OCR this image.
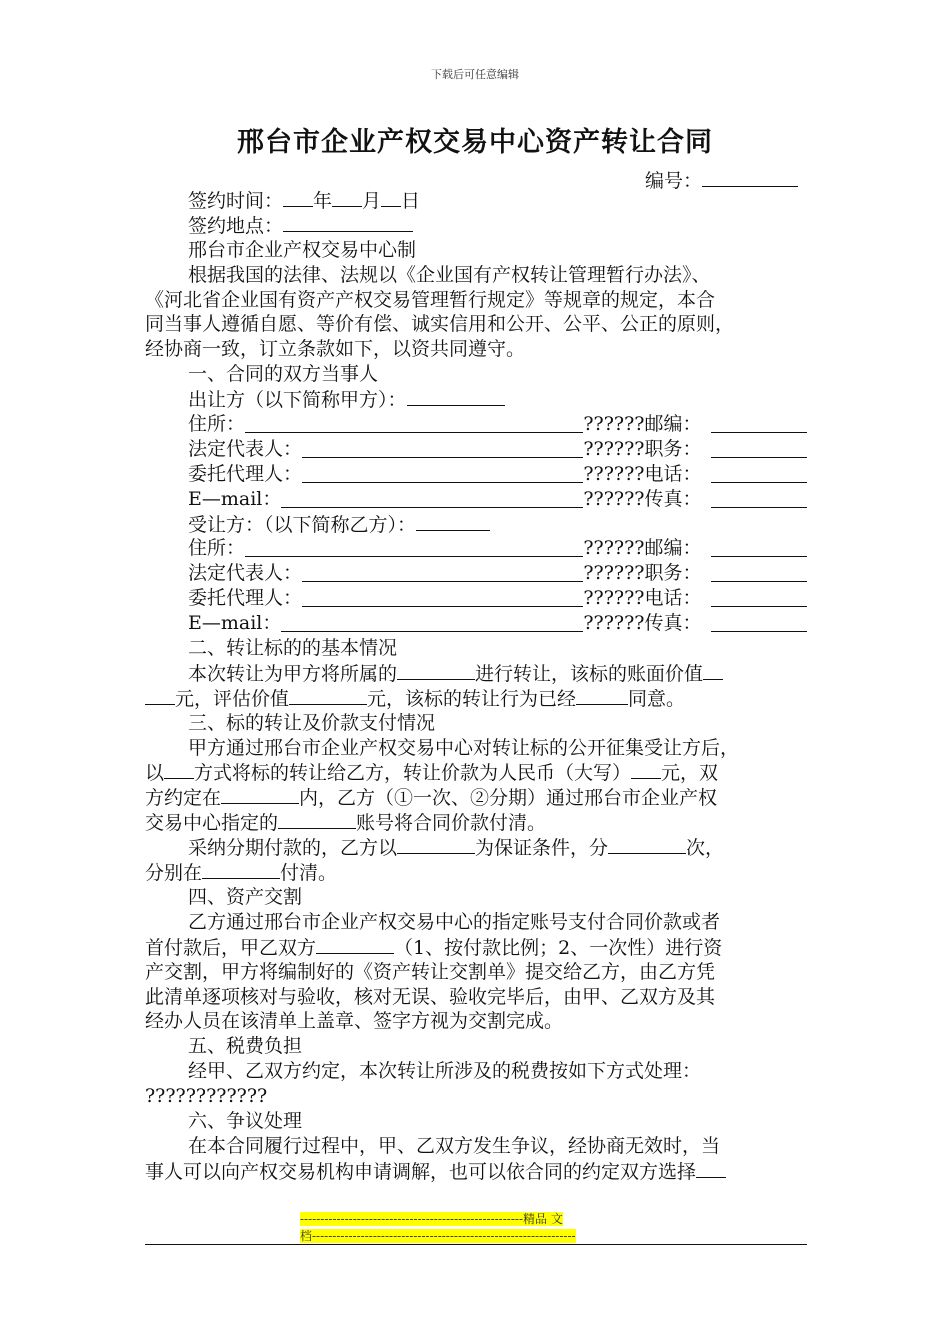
下载后可任意编辑
邢台市企业产权交易中心资产转让合同
编号：
签约时间： 年 月 日
签约地点：
邢台市企业产权交易中心制
根据我国的法律、法规以《企业国有产权转让管理暂行办法》、
《河北省企业国有资产产权交易管理暂行规定》等规章的规定，本合
同当事人遵循自愿、等价有偿、诚实信用和公开、公平、公正的原则，
经协商一致，订立条款如下，以资共同遵守。
一、合同的双方当事人
出让方（以下简称甲方）：
住所：	??????邮编：
法定代表人：	??????职务：
委托代理人：	??????电话：
E—mail：	??????传真：
受让方：（以下简称乙方）：
住所：	??????邮编：
法定代表人：	??????职务：
委托代理人：	??????电话：
E—mail：	??????传真：
二、转让标的的基本情况
本次转让为甲方将所属的	进行转让，该标的账面价值
元，评估价值	元，该标的转让行为已经	同意。
三、标的转让及价款支付情况
甲方通过邢台市企业产权交易中心对转让标的公开征集受让方后，
以 方式将标的转让给乙方，转让价款为人民币（大写） 元，双
方约定在	内，乙方（①一次、②分期）通过邢台市企业产权
交易中心指定的	账号将合同价款付清。
采纳分期付款的，乙方以	为保证条件，分	次，
分别在	付清。
四、资产交割
乙方通过邢台市企业产权交易中心的指定账号支付合同价款或者
首付款后，甲乙双方	（1、按付款比例；2、一次性）进行资
产交割，甲方将编制好的《资产转让交割单》提交给乙方，由乙方凭
此清单逐项核对与验收，核对无误、验收完毕后，由甲、乙双方及其
经办人员在该清单上盖章、签字方视为交割完成。
五、税费负担
经甲、乙双方约定，本次转让所涉及的税费按如下方式处理：
????????????
六、争议处理
在本合同履行过程中，甲、乙双方发生争议，经协商无效时，当
事人可以向产权交易机构申请调解，也可以依合同的约定双方选择
-------------------------------------------------------精品 文
档-----------------------------------------------------------------
